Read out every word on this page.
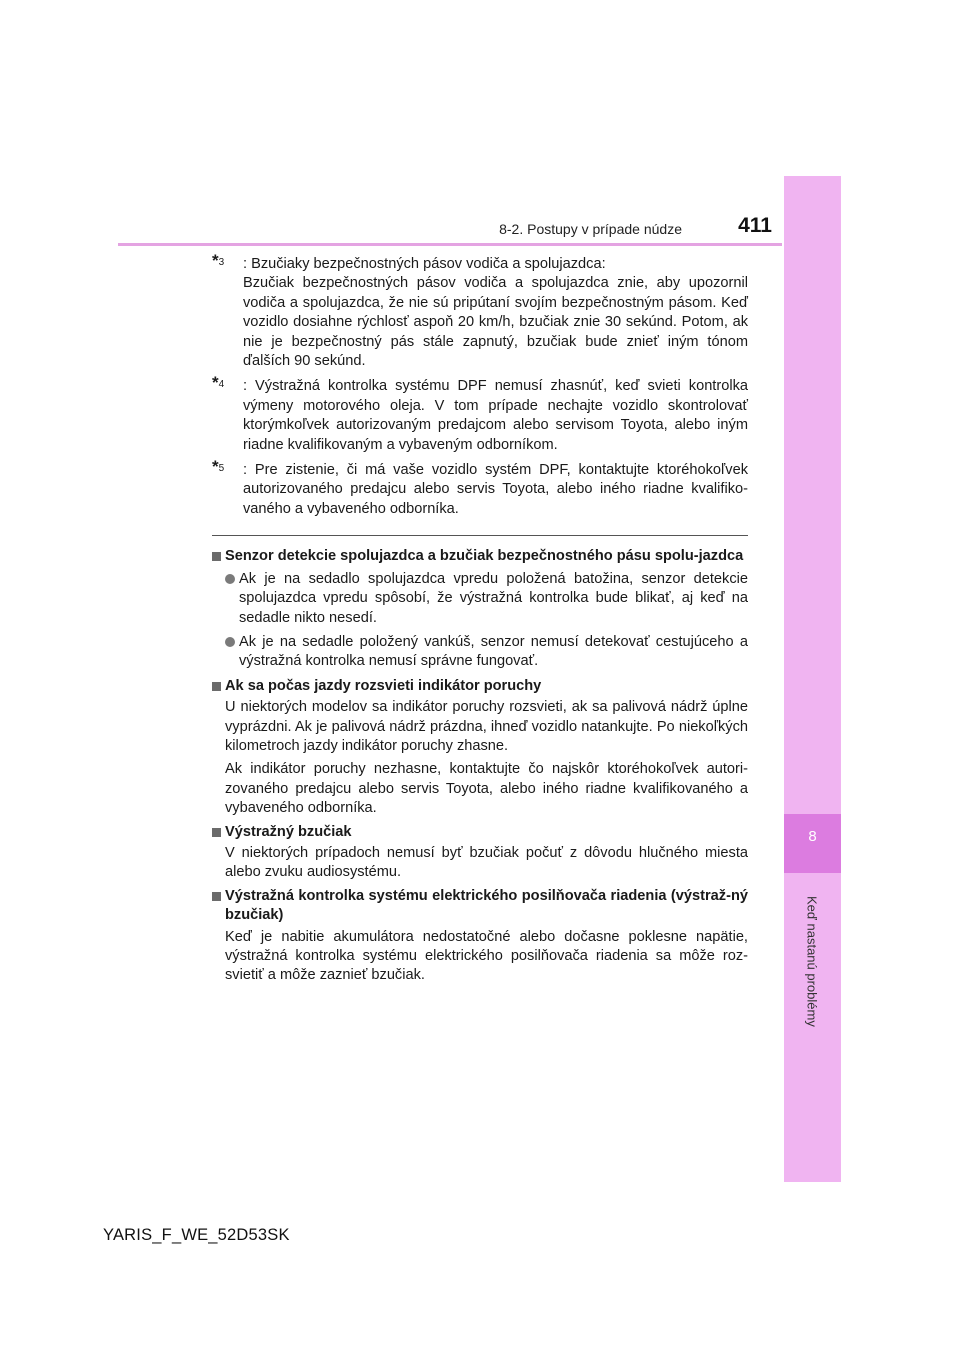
8-2. Postupy v prípade núdze	411
8
Keď nastanú problémy
*$^3$ : Bzučiaky bezpečnostných pásov vodiča a spolujazdca:
Bzučiak bezpečnostných pásov vodiča a spolujazdca znie, aby upozornil vodiča a spolujazdca, že nie sú pripútaní svojím bezpečnostným pásom. Keď vozidlo dosiahne rýchlosť aspoň 20 km/h, bzučiak znie 30 sekúnd. Potom, ak nie je bezpečnostný pás stále zapnutý, bzučiak bude znieť iným tónom ďalších 90 sekúnd.
*$^4$ : Výstražná kontrolka systému DPF nemusí zhasnúť, keď svieti kontrolka výmeny motorového oleja. V tom prípade nechajte vozidlo skontrolovať ktorýmkoľvek autorizovaným predajcom alebo servisom Toyota, alebo iným riadne kvalifikovaným a vybaveným odborníkom.
*$^5$ : Pre zistenie, či má vaše vozidlo systém DPF, kontaktujte ktoréhokoľvek autorizovaného predajcu alebo servis Toyota, alebo iného riadne kvalifiko-vaného a vybaveného odborníka.
Senzor detekcie spolujazdca a bzučiak bezpečnostného pásu spolu-jazdca
Ak je na sedadlo spolujazdca vpredu položená batožina, senzor detekcie spolujazdca vpredu spôsobí, že výstražná kontrolka bude blikať, aj keď na sedadle nikto nesedí.
Ak je na sedadle položený vankúš, senzor nemusí detekovať cestujúceho a výstražná kontrolka nemusí správne fungovať.
Ak sa počas jazdy rozsvieti indikátor poruchy
U niektorých modelov sa indikátor poruchy rozsvieti, ak sa palivová nádrž úplne vyprázdni. Ak je palivová nádrž prázdna, ihneď vozidlo natankujte. Po niekoľkých kilometroch jazdy indikátor poruchy zhasne.
Ak indikátor poruchy nezhasne, kontaktujte čo najskôr ktoréhokoľvek autori-zovaného predajcu alebo servis Toyota, alebo iného riadne kvalifikovaného a vybaveného odborníka.
Výstražný bzučiak
V niektorých prípadoch nemusí byť bzučiak počuť z dôvodu hlučného miesta alebo zvuku audiosystému.
Výstražná kontrolka systému elektrického posilňovača riadenia (výstraž-ný bzučiak)
Keď je nabitie akumulátora nedostatočné alebo dočasne poklesne napätie, výstražná kontrolka systému elektrického posilňovača riadenia sa môže roz-svietiť a môže zaznieť bzučiak.
YARIS_F_WE_52D53SK
